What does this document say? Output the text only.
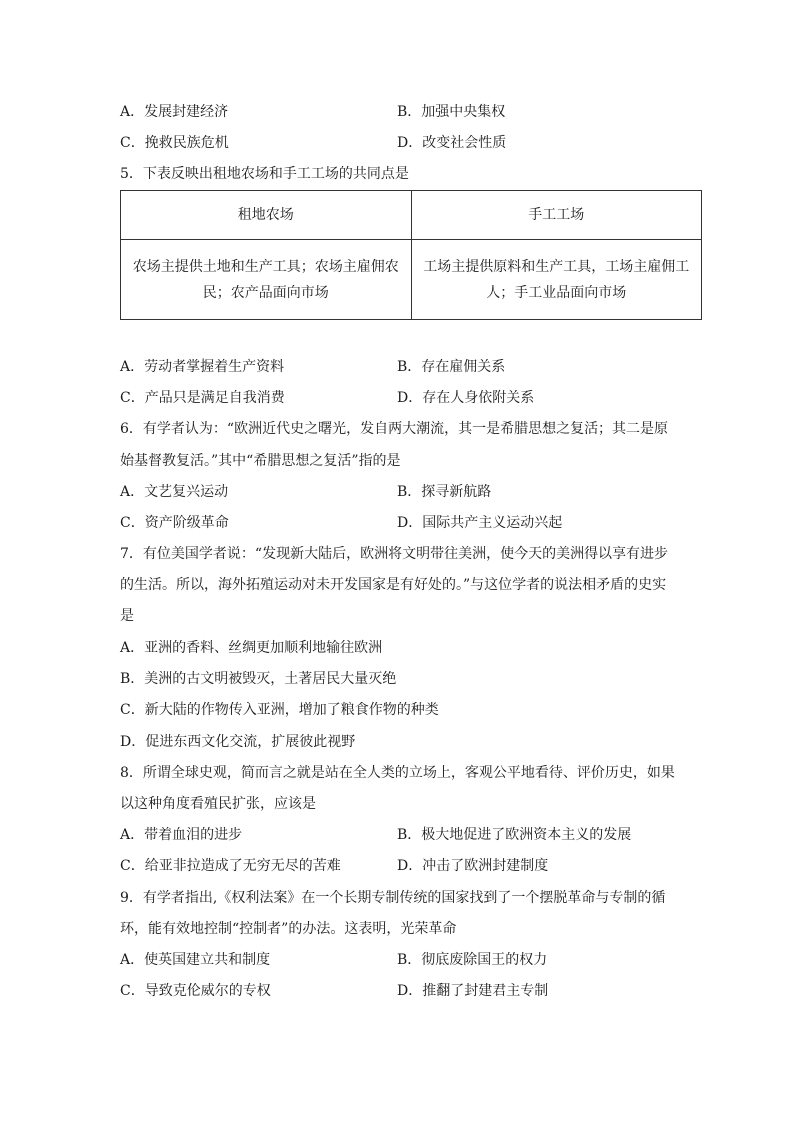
A．发展封建经济	B．加强中央集权
C．挽救民族危机	D．改变社会性质
5．下表反映出租地农场和手工工场的共同点是
租地农场	手工工场
农场主提供土地和生产工具；农场主雇佣农民；农产品面向市场	工场主提供原料和生产工具，工场主雇佣工人；手工业品面向市场
A．劳动者掌握着生产资料	B．存在雇佣关系
C．产品只是满足自我消费	D．存在人身依附关系
6．有学者认为：“欧洲近代史之曙光，发自两大潮流，其一是希腊思想之复活；其二是原
始基督教复活。”其中“希腊思想之复活”指的是
A．文艺复兴运动	B．探寻新航路
C．资产阶级革命	D．国际共产主义运动兴起
7．有位美国学者说：“发现新大陆后，欧洲将文明带往美洲，使今天的美洲得以享有进步
的生活。所以，海外拓殖运动对未开发国家是有好处的。”与这位学者的说法相矛盾的史实
是
A．亚洲的香料、丝绸更加顺利地输往欧洲
B．美洲的古文明被毁灭，土著居民大量灭绝
C．新大陆的作物传入亚洲，增加了粮食作物的种类
D．促进东西文化交流，扩展彼此视野
8．所谓全球史观，简而言之就是站在全人类的立场上，客观公平地看待、评价历史，如果
以这种角度看殖民扩张，应该是
A．带着血泪的进步	B．极大地促进了欧洲资本主义的发展
C．给亚非拉造成了无穷无尽的苦难	D．冲击了欧洲封建制度
9．有学者指出,《权利法案》在一个长期专制传统的国家找到了一个摆脱革命与专制的循
环，能有效地控制“控制者”的办法。这表明，光荣革命
A．使英国建立共和制度	B．彻底废除国王的权力
C．导致克伦威尔的专权	D．推翻了封建君主专制
